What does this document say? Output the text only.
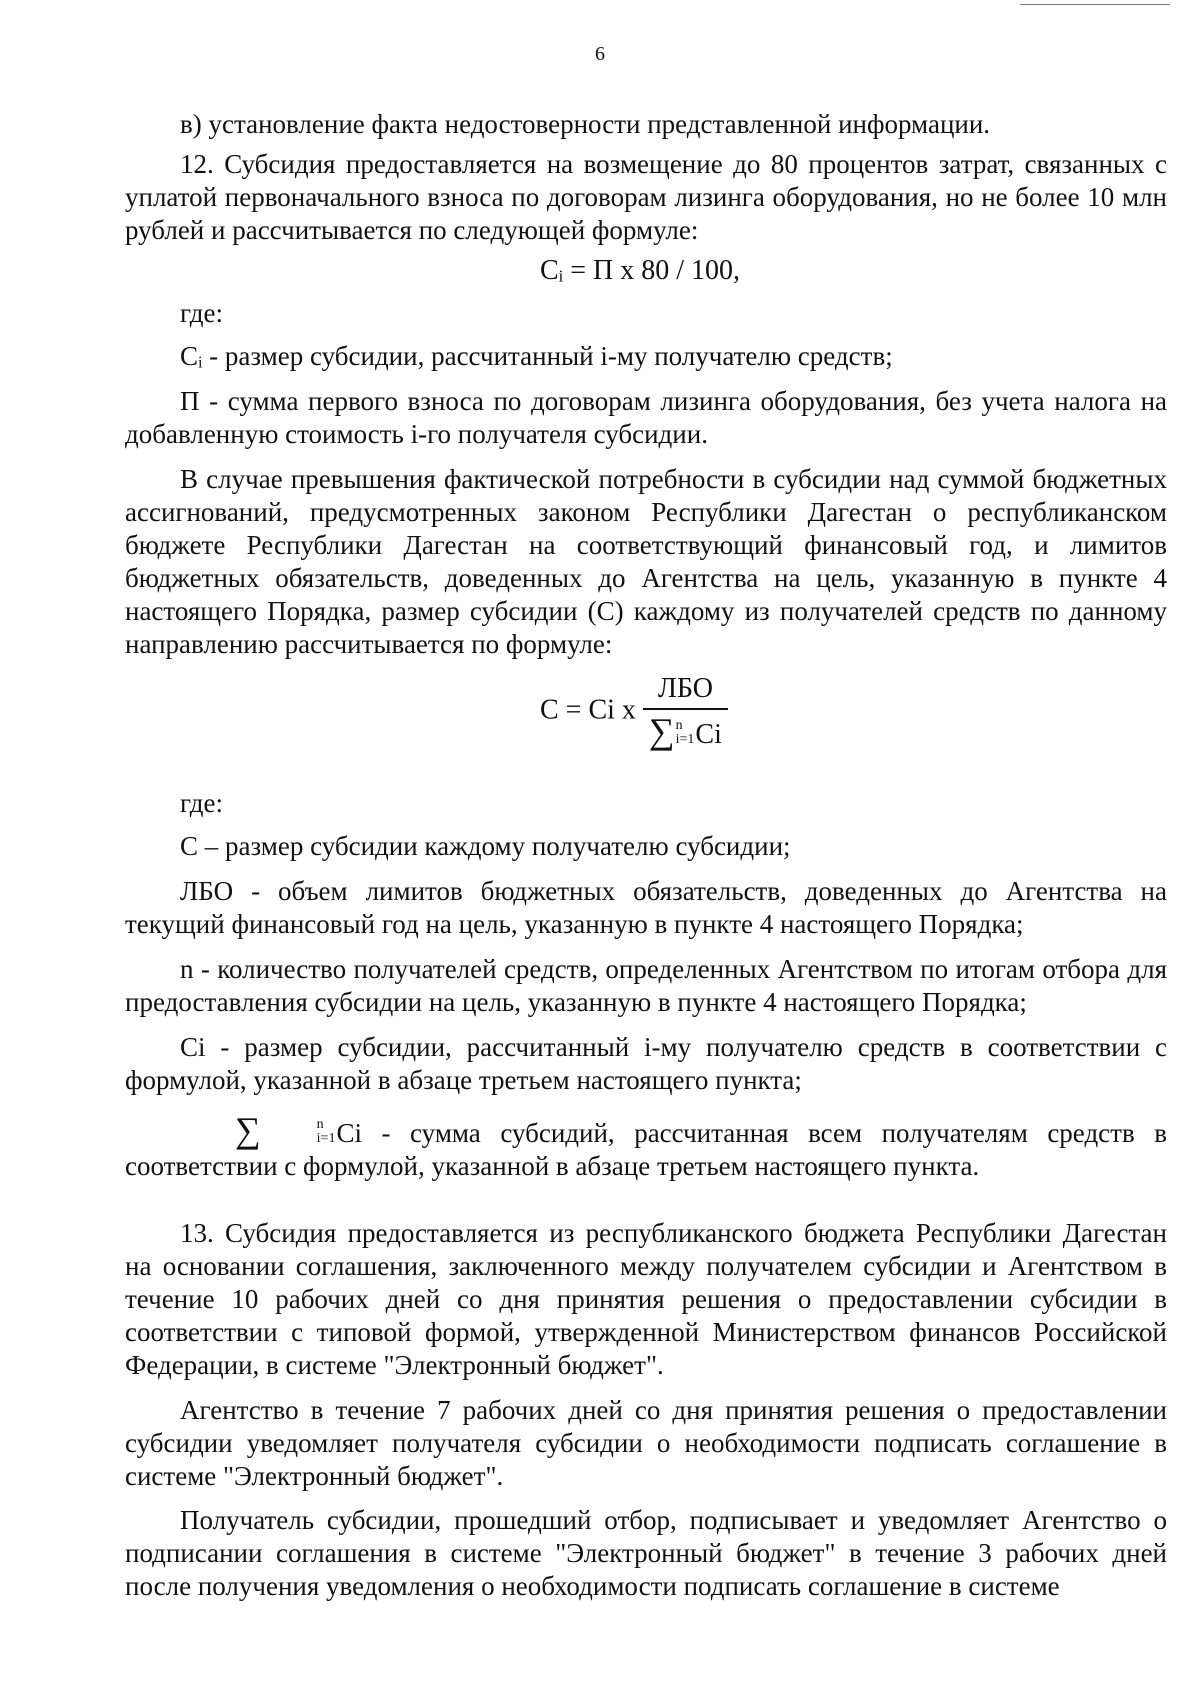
6

в) установление факта недостоверности представленной информации.

12. Субсидия предоставляется на возмещение до 80 процентов затрат, связанных с уплатой первоначального взноса по договорам лизинга оборудования, но не более 10 млн рублей и рассчитывается по следующей формуле:

Cᵢ = П x 80 / 100,

где:

Cᵢ - размер субсидии, рассчитанный i-му получателю средств;

П - сумма первого взноса по договорам лизинга оборудования, без учета налога на добавленную стоимость i-го получателя субсидии.

В случае превышения фактической потребности в субсидии над суммой бюджетных ассигнований, предусмотренных законом Республики Дагестан о республиканском бюджете Республики Дагестан на соответствующий финансовый год, и лимитов бюджетных обязательств, доведенных до Агентства на цель, указанную в пункте 4 настоящего Порядка, размер субсидии (С) каждому из получателей средств по данному направлению рассчитывается по формуле:

С = Ci x ЛБО
∑ n
i=1 Ci

где:

С – размер субсидии каждому получателю субсидии;

ЛБО - объем лимитов бюджетных обязательств, доведенных до Агентства на текущий финансовый год на цель, указанную в пункте 4 настоящего Порядка;

n - количество получателей средств, определенных Агентством по итогам отбора для предоставления субсидии на цель, указанную в пункте 4 настоящего Порядка;

Ci - размер субсидии, рассчитанный i-му получателю средств в соответствии с формулой, указанной в абзаце третьем настоящего пункта;

∑	n
i=1 Ci - сумма субсидий, рассчитанная всем получателям средств в соответствии с формулой, указанной в абзаце третьем настоящего пункта.

13. Субсидия предоставляется из республиканского бюджета Республики Дагестан на основании соглашения, заключенного между получателем субсидии и Агентством в течение 10 рабочих дней со дня принятия решения о предоставлении субсидии в соответствии с типовой формой, утвержденной Министерством финансов Российской Федерации, в системе "Электронный бюджет".

Агентство в течение 7 рабочих дней со дня принятия решения о предоставлении субсидии уведомляет получателя субсидии о необходимости подписать соглашение в системе "Электронный бюджет".

Получатель субсидии, прошедший отбор, подписывает и уведомляет Агентство о подписании соглашения в системе "Электронный бюджет" в течение 3 рабочих дней после получения уведомления о необходимости подписать соглашение в системе
